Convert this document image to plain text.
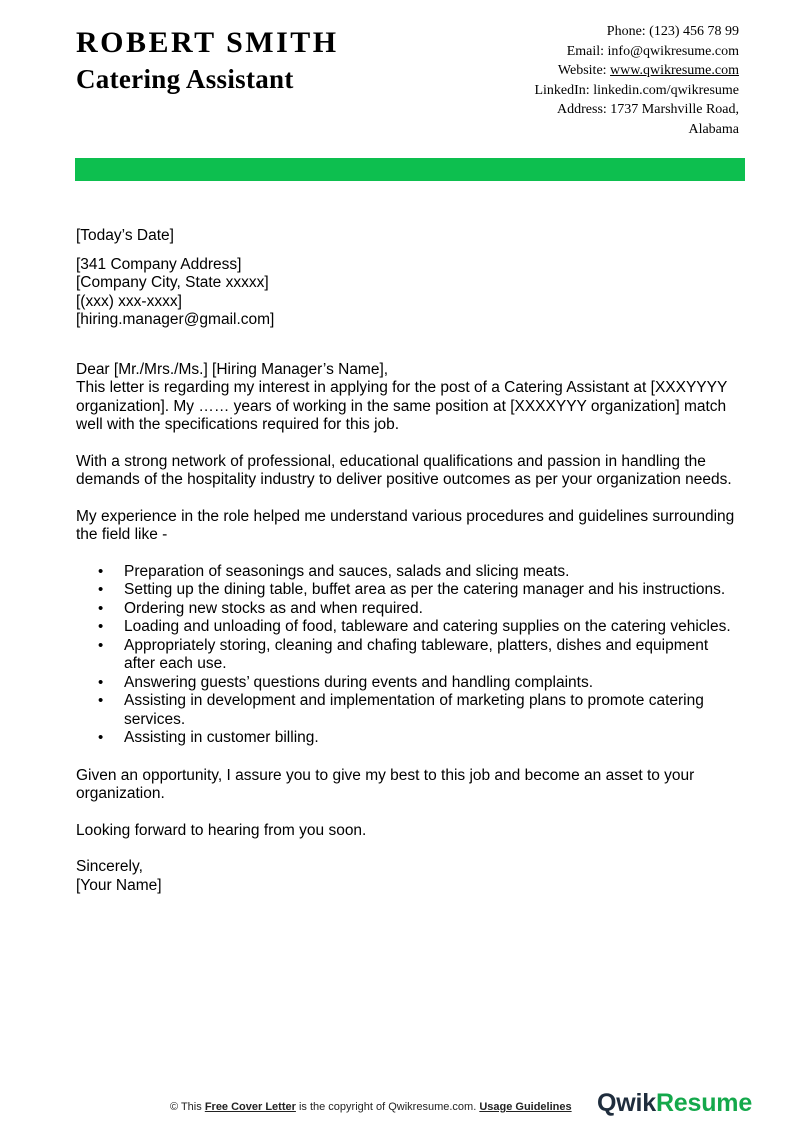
ROBERT SMITH
Catering Assistant
Phone: (123) 456 78 99
Email: info@qwikresume.com
Website: www.qwikresume.com
LinkedIn: linkedin.com/qwikresume
Address: 1737 Marshville Road,
Alabama

[Today’s Date]

[341 Company Address]

[Company City, State xxxxx]

[(xxx) xxx-xxxx]

[hiring.manager@gmail.com]

Dear [Mr./Mrs./Ms.] [Hiring Manager’s Name],

This letter is regarding my interest in applying for the post of a Catering Assistant at [XXXYYYY organization]. My …… years of working in the same position at [XXXXYYY organization] match well with the specifications required for this job.

With a strong network of professional, educational qualifications and passion in handling the demands of the hospitality industry to deliver positive outcomes as per your organization needs.

My experience in the role helped me understand various procedures and guidelines surrounding the field like -

• Preparation of seasonings and sauces, salads and slicing meats.
• Setting up the dining table, buffet area as per the catering manager and his instructions.
• Ordering new stocks as and when required.
• Loading and unloading of food, tableware and catering supplies on the catering vehicles.
• Appropriately storing, cleaning and chafing tableware, platters, dishes and equipment after each use.
• Answering guests’ questions during events and handling complaints.
• Assisting in development and implementation of marketing plans to promote catering services.
• Assisting in customer billing.

Given an opportunity, I assure you to give my best to this job and become an asset to your organization.

Looking forward to hearing from you soon.

Sincerely,

[Your Name]

© This Free Cover Letter is the copyright of Qwikresume.com. Usage Guidelines QwikResume
